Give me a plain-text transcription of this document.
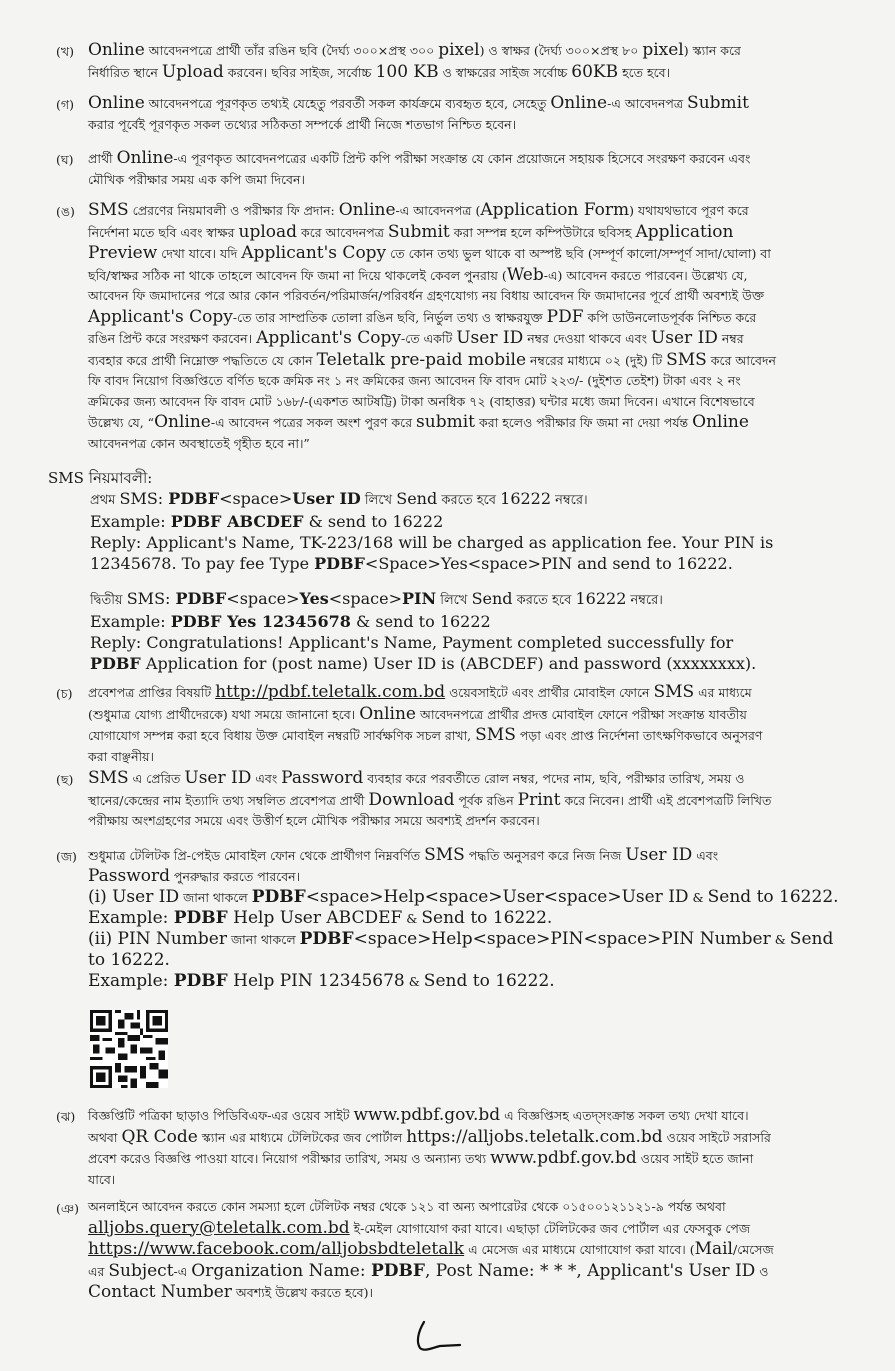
(খ) Online আবেদনপত্রে প্রার্থী তাঁর রঙিন ছবি (দৈর্ঘ্য ৩০০×প্রস্থ ৩০০ pixel) ও স্বাক্ষর (দৈর্ঘ্য ৩০০×প্রস্থ ৮০ pixel) স্ক্যান করে
নির্ধারিত স্থানে Upload করবেন। ছবির সাইজ, সর্বোচ্চ 100 KB ও স্বাক্ষরের সাইজ সর্বোচ্চ 60KB হতে হবে।
(গ) Online আবেদনপত্রে পূরণকৃত তথ্যই যেহেতু পরবর্তী সকল কার্যক্রমে ব্যবহৃত হবে, সেহেতু Online-এ আবেদনপত্র Submit
করার পূর্বেই পূরণকৃত সকল তথ্যের সঠিকতা সম্পর্কে প্রার্থী নিজে শতভাগ নিশ্চিত হবেন।
(ঘ)	প্রার্থী Online-এ পূরণকৃত আবেদনপত্রের একটি প্রিন্ট কপি পরীক্ষা সংক্রান্ত যে কোন প্রয়োজনে সহায়ক হিসেবে সংরক্ষণ করবেন এবং
মৌখিক পরীক্ষার সময় এক কপি জমা দিবেন।
(ঙ) SMS প্রেরণের নিয়মাবলী ও পরীক্ষার ফি প্রদান: Online-এ আবেদনপত্র (Application Form) যথাযথভাবে পূরণ করে
নির্দেশনা মতে ছবি এবং স্বাক্ষর upload করে আবেদনপত্র Submit করা সম্পন্ন হলে কম্পিউটারে ছবিসহ Application
Preview দেখা যাবে। যদি Applicant's Copy তে কোন তথ্য ভুল থাকে বা অস্পষ্ট ছবি (সম্পূর্ণ কালো/সম্পূর্ণ সাদা/ঘোলা) বা
ছবি/স্বাক্ষর সঠিক না থাকে তাহলে আবেদন ফি জমা না দিয়ে থাকলেই কেবল পুনরায় (Web-এ) আবেদন করতে পারবেন। উল্লেখ্য যে,
আবেদন ফি জমাদানের পরে আর কোন পরিবর্তন/পরিমার্জন/পরিবর্ধন গ্রহণযোগ্য নয় বিধায় আবেদন ফি জমাদানের পূর্বে প্রার্থী অবশ্যই উক্ত
Applicant's Copy-তে তার সাম্প্রতিক তোলা রঙিন ছবি, নির্ভুল তথ্য ও স্বাক্ষরযুক্ত PDF কপি ডাউনলোডপূর্বক নিশ্চিত করে
রঙিন প্রিন্ট করে সংরক্ষণ করবেন। Applicant's Copy-তে একটি User ID নম্বর দেওয়া থাকবে এবং User ID নম্বর
ব্যবহার করে প্রার্থী নিম্নোক্ত পদ্ধতিতে যে কোন Teletalk pre-paid mobile নম্বরের মাধ্যমে ০২ (দুই) টি SMS করে আবেদন
ফি বাবদ নিয়োগ বিজ্ঞপ্তিতে বর্ণিত ছকে ক্রমিক নং ১ নং ক্রমিকের জন্য আবেদন ফি বাবদ মোট ২২৩/- (দুইশত তেইশ) টাকা এবং ২ নং
ক্রমিকের জন্য আবেদন ফি বাবদ মোট ১৬৮/-(একশত আটষট্টি) টাকা অনধিক ৭২ (বাহাত্তর) ঘন্টার মধ্যে জমা দিবেন। এখানে বিশেষভাবে
উল্লেখ্য যে, “Online-এ আবেদন পত্রের সকল অংশ পুরণ করে submit করা হলেও পরীক্ষার ফি জমা না দেয়া পর্যন্ত Online
আবেদনপত্র কোন অবস্থাতেই গৃহীত হবে না।”
SMS নিয়মাবলী:
প্রথম SMS: PDBF<space>User ID লিখে Send করতে হবে 16222 নম্বরে।
Example: PDBF ABCDEF & send to 16222
Reply: Applicant's Name, TK-223/168 will be charged as application fee. Your PIN is
12345678. To pay fee Type PDBF<Space>Yes<space>PIN and send to 16222.
দ্বিতীয় SMS: PDBF<space>Yes<space>PIN লিখে Send করতে হবে 16222 নম্বরে।
Example: PDBF Yes 12345678 & send to 16222
Reply: Congratulations! Applicant's Name, Payment completed successfully for
PDBF Application for (post name) User ID is (ABCDEF) and password (xxxxxxxx).
(চ)	প্রবেশপত্র প্রাপ্তির বিষয়টি http://pdbf.teletalk.com.bd ওয়েবসাইটে এবং প্রার্থীর মোবাইল ফোনে SMS এর মাধ্যমে
(শুধুমাত্র যোগ্য প্রার্থীদেরকে) যথা সময়ে জানানো হবে। Online আবেদনপত্রে প্রার্থীর প্রদত্ত মোবাইল ফোনে পরীক্ষা সংক্রান্ত যাবতীয়
যোগাযোগ সম্পন্ন করা হবে বিধায় উক্ত মোবাইল নম্বরটি সার্বক্ষণিক সচল রাখা, SMS পড়া এবং প্রাপ্ত নির্দেশনা তাৎক্ষণিকভাবে অনুসরণ
করা বাঞ্ছনীয়।
(ছ) SMS এ প্রেরিত User ID এবং Password ব্যবহার করে পরবর্তীতে রোল নম্বর, পদের নাম, ছবি, পরীক্ষার তারিখ, সময় ও
স্থানের/কেন্দ্রের নাম ইত্যাদি তথ্য সম্বলিত প্রবেশপত্র প্রার্থী Download পূর্বক রঙিন Print করে নিবেন। প্রার্থী এই প্রবেশপত্রটি লিখিত
পরীক্ষায় অংশগ্রহণের সময়ে এবং উত্তীর্ণ হলে মৌখিক পরীক্ষার সময়ে অবশ্যই প্রদর্শন করবেন।
(জ) শুধুমাত্র টেলিটক প্রি-পেইড মোবাইল ফোন থেকে প্রার্থীগণ নিম্নবর্ণিত SMS পদ্ধতি অনুসরণ করে নিজ নিজ User ID এবং
Password পুনরুদ্ধার করতে পারবেন।
(i) User ID জানা থাকলে PDBF<space>Help<space>User<space>User ID & Send to 16222.
Example: PDBF Help User ABCDEF & Send to 16222.
(ii) PIN Number জানা থাকলে PDBF<space>Help<space>PIN<space>PIN Number & Send
to 16222.
Example: PDBF Help PIN 12345678 & Send to 16222.
(ঝ)	বিজ্ঞপ্তিটি পত্রিকা ছাড়াও পিডিবিএফ-এর ওয়েব সাইট www.pdbf.gov.bd এ বিজ্ঞপ্তিসহ এতদ্‌সংক্রান্ত সকল তথ্য দেখা যাবে।
অথবা QR Code স্ক্যান এর মাধ্যমে টেলিটকের জব পোর্টাল https://alljobs.teletalk.com.bd ওয়েব সাইটে সরাসরি
প্রবেশ করেও বিজ্ঞপ্তি পাওয়া যাবে। নিয়োগ পরীক্ষার তারিখ, সময় ও অন্যান্য তথ্য www.pdbf.gov.bd ওয়েব সাইট হতে জানা
যাবে।
(ঞ) অনলাইনে আবেদন করতে কোন সমস্যা হলে টেলিটক নম্বর থেকে ১২১ বা অন্য অপারেটর থেকে ০১৫০০১২১১২১-৯ পর্যন্ত অথবা
alljobs.query@teletalk.com.bd ই-মেইল যোগাযোগ করা যাবে। এছাড়া টেলিটকের জব পোর্টাল এর ফেসবুক পেজ
https://www.facebook.com/alljobsbdteletalk এ মেসেজ এর মাধ্যমে যোগাযোগ করা যাবে। (Mail/মেসেজ
এর Subject-এ Organization Name: PDBF, Post Name: * * *, Applicant's User ID ও
Contact Number অবশ্যই উল্লেখ করতে হবে)।
